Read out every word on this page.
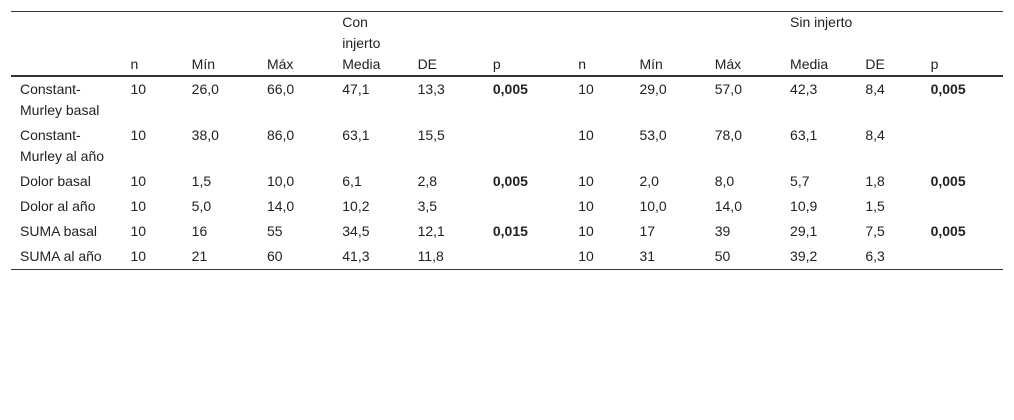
				Con injerto						Sin injerto		
	n	Mín	Máx	Media	DE	p	n	Mín	Máx	Media	DE	p
Constant-Murley basal	10	26,0	66,0	47,1	13,3	0,005	10	29,0	57,0	42,3	8,4	0,005
Constant-Murley al año	10	38,0	86,0	63,1	15,5		10	53,0	78,0	63,1	8,4	
Dolor basal	10	1,5	10,0	6,1	2,8	0,005	10	2,0	8,0	5,7	1,8	0,005
Dolor al año	10	5,0	14,0	10,2	3,5		10	10,0	14,0	10,9	1,5	
SUMA basal	10	16	55	34,5	12,1	0,015	10	17	39	29,1	7,5	0,005
SUMA al año	10	21	60	41,3	11,8		10	31	50	39,2	6,3	
